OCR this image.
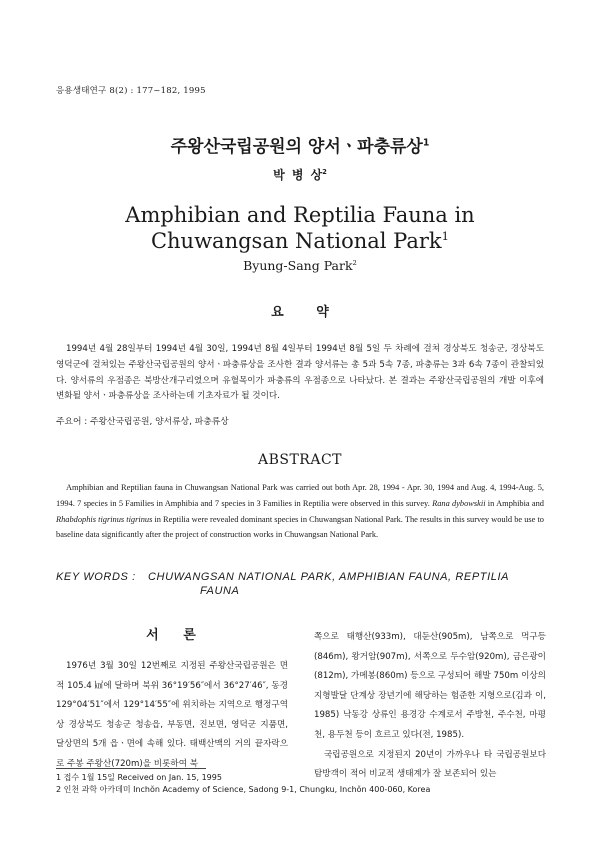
응용생태연구 8(2) : 177~182, 1995
주왕산국립공원의 양서ㆍ파충류상$^1$
박 병 상$^2$
Amphibian and Reptilia Fauna in Chuwangsan National Park$^1$
Byung-Sang Park$^2$
요 약
1994년 4월 28일부터 1994년 4월 30일, 1994년 8월 4일부터 1994년 8월 5일 두 차례에 걸쳐 경상북도 청송군, 경상북도 영덕군에 걸쳐있는 주왕산국립공원의 양서ㆍ파충류상을 조사한 결과 양서류는 총 5과 5속 7종, 파충류는 3과 6속 7종이 관찰되었다. 양서류의 우점종은 북방산개구리였으며 유혈목이가 파충류의 우점종으로 나타났다. 본 결과는 주왕산국립공원의 개발 이후에 변화될 양서ㆍ파충류상을 조사하는데 기초자료가 될 것이다.
주요어 : 주왕산국립공원, 양서류상, 파충류상
ABSTRACT
Amphibian and Reptilian fauna in Chuwangsan National Park was carried out both Apr. 28, 1994 - Apr. 30, 1994 and Aug. 4, 1994-Aug. 5, 1994. 7 species in 5 Families in Amphibia and 7 species in 3 Families in Reptilia were observed in this survey. Rana dybowskii in Amphibia and Rhabdophis tigrinus tigrinus in Reptilia were revealed dominant species in Chuwangsan National Park. The results in this survey would be use to baseline data significantly after the project of construction works in Chuwangsan National Park.
KEY WORDS : CHUWANGSAN NATIONAL PARK, AMPHIBIAN FAUNA, REPTILIA
FAUNA
서 론
1976년 3월 30일 12번째로 지정된 주왕산국립공원은 면적 105.4 ㎢에 달하며 북위 36°19′56″에서 36°27′46″, 동경 129°04′51″에서 129°14′55″에 위치하는 지역으로 행정구역상 경상북도 청송군 청송읍, 부동면, 진보면, 영덕군 지품면, 달상면의 5개 읍ㆍ면에 속해 있다. 태백산맥의 거의 끝자락으로 주봉 주왕산(720m)을 비롯하여 북
쪽으로 태행산(933m), 대둔산(905m), 남쪽으로 먹구등(846m), 왕거암(907m), 서쪽으로 두수암(920m), 금은광이(812m), 가메봉(860m) 등으로 구성되어 해발 750m 이상의 지형발달 단계상 장년기에 해당하는 험준한 지형으로(김과 이, 1985) 낙동강 상류인 용경강 수계로서 주방천, 주수천, 마평천, 용두천 등이 흐르고 있다(전, 1985).
국립공원으로 지정된지 20년이 가까우나 타 국립공원보다 탐방객이 적어 비교적 생태계가 잘 보존되어 있는
1 접수 1월 15일 Received on Jan. 15, 1995
2 인천 과학 아카데미 Inchŏn Academy of Science, Sadong 9-1, Chungku, Inchŏn 400-060, Korea
